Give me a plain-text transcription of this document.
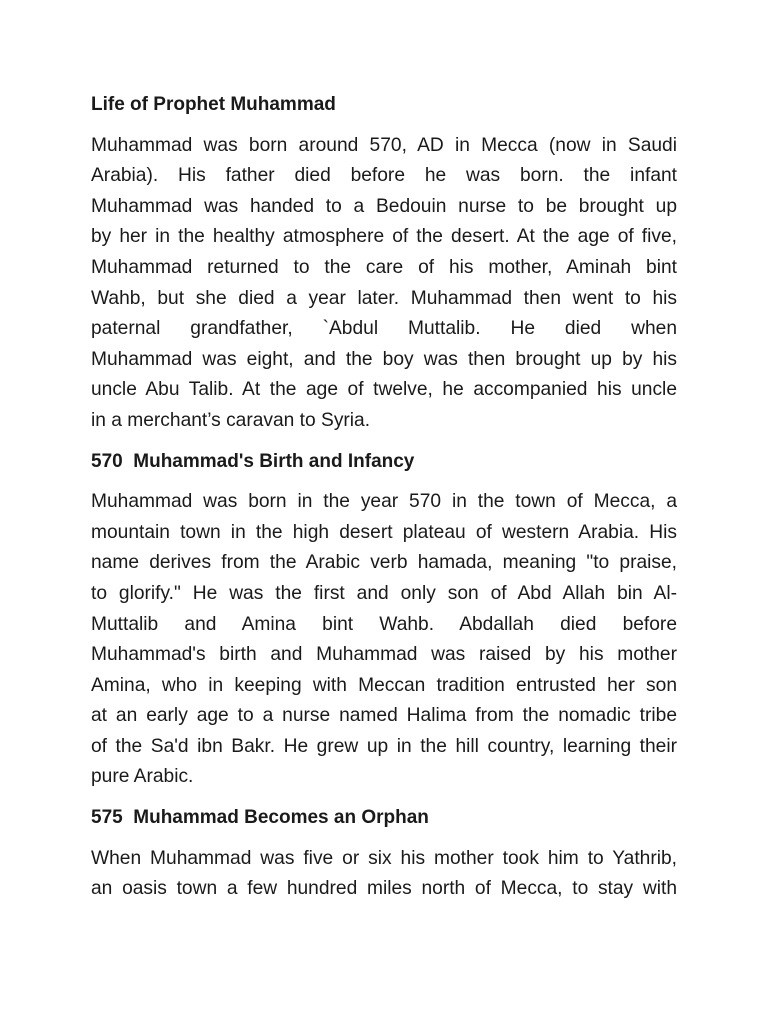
Life of Prophet Muhammad
Muhammad was born around 570, AD in Mecca (now in Saudi
Arabia). His father died before he was born. the infant
Muhammad was handed to a Bedouin nurse to be brought up
by her in the healthy atmosphere of the desert. At the age of five,
Muhammad returned to the care of his mother, Aminah bint
Wahb, but she died a year later. Muhammad then went to his
paternal grandfather, `Abdul Muttalib. He died when
Muhammad was eight, and the boy was then brought up by his
uncle Abu Talib. At the age of twelve, he accompanied his uncle
in a merchant’s caravan to Syria.
570  Muhammad's Birth and Infancy
Muhammad was born in the year 570 in the town of Mecca, a
mountain town in the high desert plateau of western Arabia. His
name derives from the Arabic verb hamada, meaning "to praise,
to glorify." He was the first and only son of Abd Allah bin Al-
Muttalib and Amina bint Wahb. Abdallah died before
Muhammad's birth and Muhammad was raised by his mother
Amina, who in keeping with Meccan tradition entrusted her son
at an early age to a nurse named Halima from the nomadic tribe
of the Sa'd ibn Bakr. He grew up in the hill country, learning their
pure Arabic.
575  Muhammad Becomes an Orphan
When Muhammad was five or six his mother took him to Yathrib,
an oasis town a few hundred miles north of Mecca, to stay with
